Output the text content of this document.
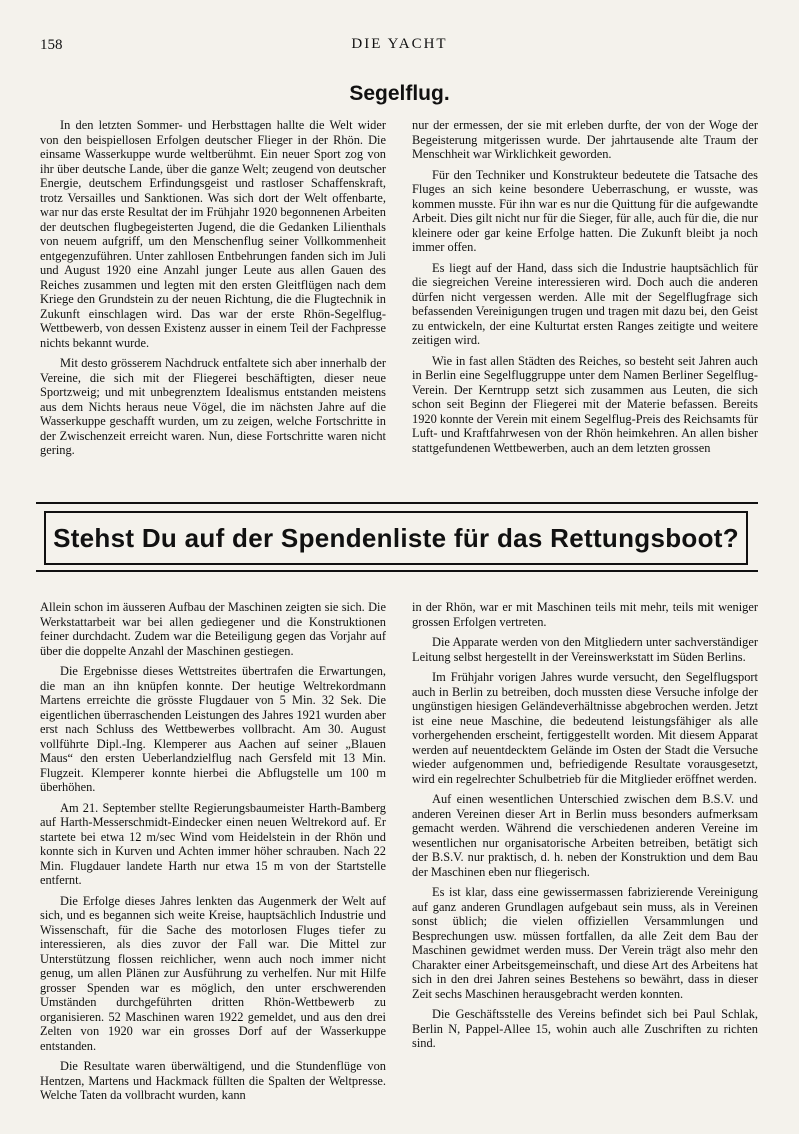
158	DIE YACHT
Segelflug.

In den letzten Sommer- und Herbsttagen hallte die Welt wider von den beispiellosen Erfolgen deutscher Flieger in der Rhön. Die einsame Wasserkuppe wurde weltberühmt. Ein neuer Sport zog von ihr über deutsche Lande, über die ganze Welt; zeugend von deutscher Energie, deutschem Erfindungsgeist und rastloser Schaffenskraft, trotz Versailles und Sanktionen. Was sich dort der Welt offenbarte, war nur das erste Resultat der im Frühjahr 1920 begonnenen Arbeiten der deutschen flugbegeisterten Jugend, die die Gedanken Lilienthals von neuem aufgriff, um den Menschenflug seiner Vollkommenheit entgegenzuführen. Unter zahllosen Entbehrungen fanden sich im Juli und August 1920 eine Anzahl junger Leute aus allen Gauen des Reiches zusammen und legten mit den ersten Gleitflügen nach dem Kriege den Grundstein zu der neuen Richtung, die die Flugtechnik in Zukunft einschlagen wird. Das war der erste Rhön-Segelflug-Wettbewerb, von dessen Existenz ausser in einem Teil der Fachpresse nichts bekannt wurde.

Mit desto grösserem Nachdruck entfaltete sich aber innerhalb der Vereine, die sich mit der Fliegerei beschäftigten, dieser neue Sportzweig; und mit unbegrenztem Idealismus entstanden meistens aus dem Nichts heraus neue Vögel, die im nächsten Jahre auf die Wasserkuppe geschafft wurden, um zu zeigen, welche Fortschritte in der Zwischenzeit erreicht waren. Nun, diese Fortschritte waren nicht gering.

nur der ermessen, der sie mit erleben durfte, der von der Woge der Begeisterung mitgerissen wurde. Der jahrtausende alte Traum der Menschheit war Wirklichkeit geworden.

Für den Techniker und Konstrukteur bedeutete die Tatsache des Fluges an sich keine besondere Ueberraschung, er wusste, was kommen musste. Für ihn war es nur die Quittung für die aufgewandte Arbeit. Dies gilt nicht nur für die Sieger, für alle, auch für die, die nur kleinere oder gar keine Erfolge hatten. Die Zukunft bleibt ja noch immer offen.

Es liegt auf der Hand, dass sich die Industrie hauptsächlich für die siegreichen Vereine interessieren wird. Doch auch die anderen dürfen nicht vergessen werden. Alle mit der Segelflugfrage sich befassenden Vereinigungen trugen und tragen mit dazu bei, den Geist zu entwickeln, der eine Kulturtat ersten Ranges zeitigte und weitere zeitigen wird.

Wie in fast allen Städten des Reiches, so besteht seit Jahren auch in Berlin eine Segelfluggruppe unter dem Namen Berliner Segelflug-Verein. Der Kerntrupp setzt sich zusammen aus Leuten, die sich schon seit Beginn der Fliegerei mit der Materie befassen. Bereits 1920 konnte der Verein mit einem Segelflug-Preis des Reichsamts für Luft- und Kraftfahrwesen von der Rhön heimkehren. An allen bisher stattgefundenen Wettbewerben, auch an dem letzten grossen

Stehst Du auf der Spendenliste für das Rettungsboot?

Allein schon im äusseren Aufbau der Maschinen zeigten sie sich. Die Werkstattarbeit war bei allen gediegener und die Konstruktionen feiner durchdacht. Zudem war die Beteiligung gegen das Vorjahr auf über die doppelte Anzahl der Maschinen gestiegen.

Die Ergebnisse dieses Wettstreites übertrafen die Erwartungen, die man an ihn knüpfen konnte. Der heutige Weltrekordmann Martens erreichte die grösste Flugdauer von 5 Min. 32 Sek. Die eigentlichen überraschenden Leistungen des Jahres 1921 wurden aber erst nach Schluss des Wettbewerbes vollbracht. Am 30. August vollführte Dipl.-Ing. Klemperer aus Aachen auf seiner „Blauen Maus“ den ersten Ueberlandzielflug nach Gersfeld mit 13 Min. Flugzeit. Klemperer konnte hierbei die Abflugstelle um 100 m überhöhen.

Am 21. September stellte Regierungsbaumeister Harth-Bamberg auf Harth-Messerschmidt-Eindecker einen neuen Weltrekord auf. Er startete bei etwa 12 m/sec Wind vom Heidelstein in der Rhön und konnte sich in Kurven und Achten immer höher schrauben. Nach 22 Min. Flugdauer landete Harth nur etwa 15 m von der Startstelle entfernt.

Die Erfolge dieses Jahres lenkten das Augenmerk der Welt auf sich, und es begannen sich weite Kreise, hauptsächlich Industrie und Wissenschaft, für die Sache des motorlosen Fluges tiefer zu interessieren, als dies zuvor der Fall war. Die Mittel zur Unterstützung flossen reichlicher, wenn auch noch immer nicht genug, um allen Plänen zur Ausführung zu verhelfen. Nur mit Hilfe grosser Spenden war es möglich, den unter erschwerenden Umständen durchgeführten dritten Rhön-Wettbewerb zu organisieren. 52 Maschinen waren 1922 gemeldet, und aus den drei Zelten von 1920 war ein grosses Dorf auf der Wasserkuppe entstanden.

Die Resultate waren überwältigend, und die Stundenflüge von Hentzen, Martens und Hackmack füllten die Spalten der Weltpresse. Welche Taten da vollbracht wurden, kann

in der Rhön, war er mit Maschinen teils mit mehr, teils mit weniger grossen Erfolgen vertreten.

Die Apparate werden von den Mitgliedern unter sachverständiger Leitung selbst hergestellt in der Vereinswerkstatt im Süden Berlins.

Im Frühjahr vorigen Jahres wurde versucht, den Segelflugsport auch in Berlin zu betreiben, doch mussten diese Versuche infolge der ungünstigen hiesigen Geländeverhältnisse abgebrochen werden. Jetzt ist eine neue Maschine, die bedeutend leistungsfähiger als alle vorhergehenden erscheint, fertiggestellt worden. Mit diesem Apparat werden auf neuentdecktem Gelände im Osten der Stadt die Versuche wieder aufgenommen und, befriedigende Resultate vorausgesetzt, wird ein regelrechter Schulbetrieb für die Mitglieder eröffnet werden.

Auf einen wesentlichen Unterschied zwischen dem B.S.V. und anderen Vereinen dieser Art in Berlin muss besonders aufmerksam gemacht werden. Während die verschiedenen anderen Vereine im wesentlichen nur organisatorische Arbeiten betreiben, betätigt sich der B.S.V. nur praktisch, d. h. neben der Konstruktion und dem Bau der Maschinen eben nur fliegerisch.

Es ist klar, dass eine gewissermassen fabrizierende Vereinigung auf ganz anderen Grundlagen aufgebaut sein muss, als in Vereinen sonst üblich; die vielen offiziellen Versammlungen und Besprechungen usw. müssen fortfallen, da alle Zeit dem Bau der Maschinen gewidmet werden muss. Der Verein trägt also mehr den Charakter einer Arbeitsgemeinschaft, und diese Art des Arbeitens hat sich in den drei Jahren seines Bestehens so bewährt, dass in dieser Zeit sechs Maschinen herausgebracht werden konnten.

Die Geschäftsstelle des Vereins befindet sich bei Paul Schlak, Berlin N, Pappel-Allee 15, wohin auch alle Zuschriften zu richten sind.
